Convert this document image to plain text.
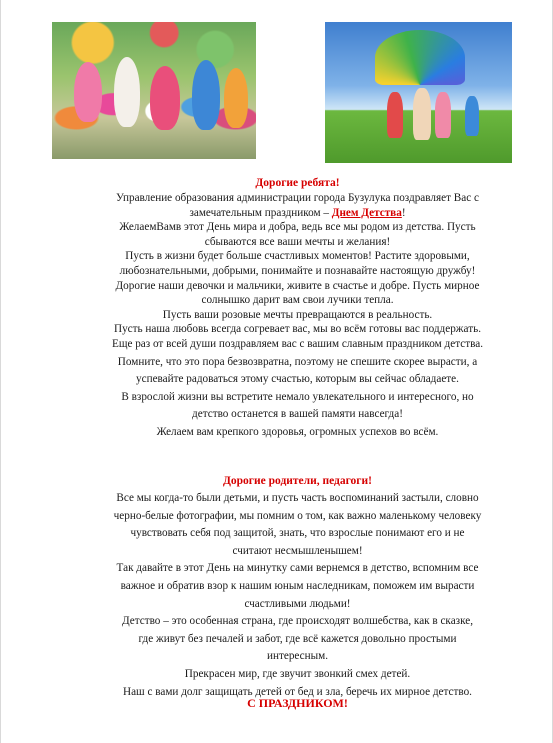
Дорогие ребята!
Управление образования администрации города Бузулука поздравляет Вас с
замечательным праздником – Днем Детства!
ЖелаемВамв этот День мира и добра, ведь все мы родом из детства. Пусть
сбываются все ваши мечты и желания!
Пусть в жизни будет больше счастливых моментов! Растите здоровыми,
любознательными, добрыми, понимайте и познавайте настоящую дружбу!
Дорогие наши девочки и мальчики, живите в счастье и добре. Пусть мирное
солнышко дарит вам свои лучики тепла.
Пусть ваши розовые мечты превращаются в реальность.
Пусть наша любовь всегда согревает вас, мы во всём готовы вас поддержать.
Еще раз от всей души поздравляем вас с вашим славным праздником детства.
Помните, что это пора безвозвратна, поэтому не спешите скорее вырасти, а
успевайте радоваться этому счастью, которым вы сейчас обладаете.
В взрослой жизни вы встретите немало увлекательного и интересного, но
детство останется в вашей памяти навсегда!
Желаем вам крепкого здоровья, огромных успехов во всём.
Дорогие родители, педагоги!
Все мы когда-то были детьми, и пусть часть воспоминаний застыли, словно
черно-белые фотографии, мы помним о том, как важно маленькому человеку
чувствовать себя под защитой, знать, что взрослые понимают его и не
считают несмышленышем!
Так давайте в этот День на минутку сами вернемся в детство, вспомним все
важное и обратив взор к нашим юным наследникам, поможем им вырасти
счастливыми людьми!
Детство – это особенная страна, где происходят волшебства, как в сказке,
где живут без печалей и забот, где всё кажется довольно простыми
интересным.
Прекрасен мир, где звучит звонкий смех детей.
Наш с вами долг защищать детей от бед и зла, беречь их мирное детство.
С ПРАЗДНИКОМ!
